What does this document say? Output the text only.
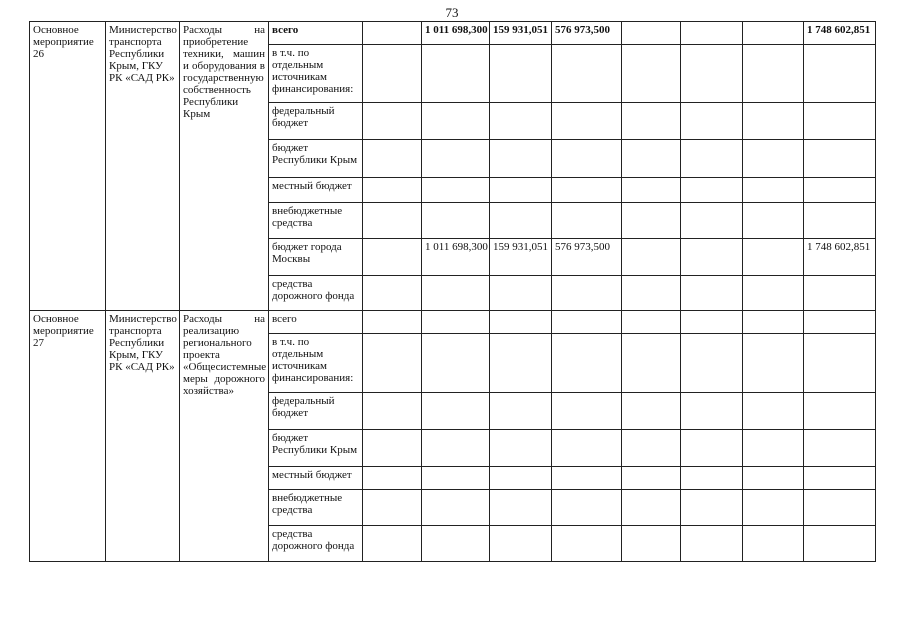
73
Основное мероприятие 26	Министерство транспорта Республики Крым, ГКУ РК «САД РК»	Расходы на приобретение техники, машин и оборудования в государственную собственность Республики Крым	всего		1 011 698,300	159 931,051	576 973,500				1 748 602,851
			в т.ч. по отдельным источникам финансирования:								
			федеральный бюджет								
			бюджет Республики Крым								
			местный бюджет								
			внебюджетные средства								
			бюджет города Москвы		1 011 698,300	159 931,051	576 973,500				1 748 602,851
			средства дорожного фонда								
Основное мероприятие 27	Министерство транспорта Республики Крым, ГКУ РК «САД РК»	Расходы на реализацию регионального проекта «Общесистемные меры дорожного хозяйства»	всего								
			в т.ч. по отдельным источникам финансирования:								
			федеральный бюджет								
			бюджет Республики Крым								
			местный бюджет								
			внебюджетные средства								
			средства дорожного фонда								
